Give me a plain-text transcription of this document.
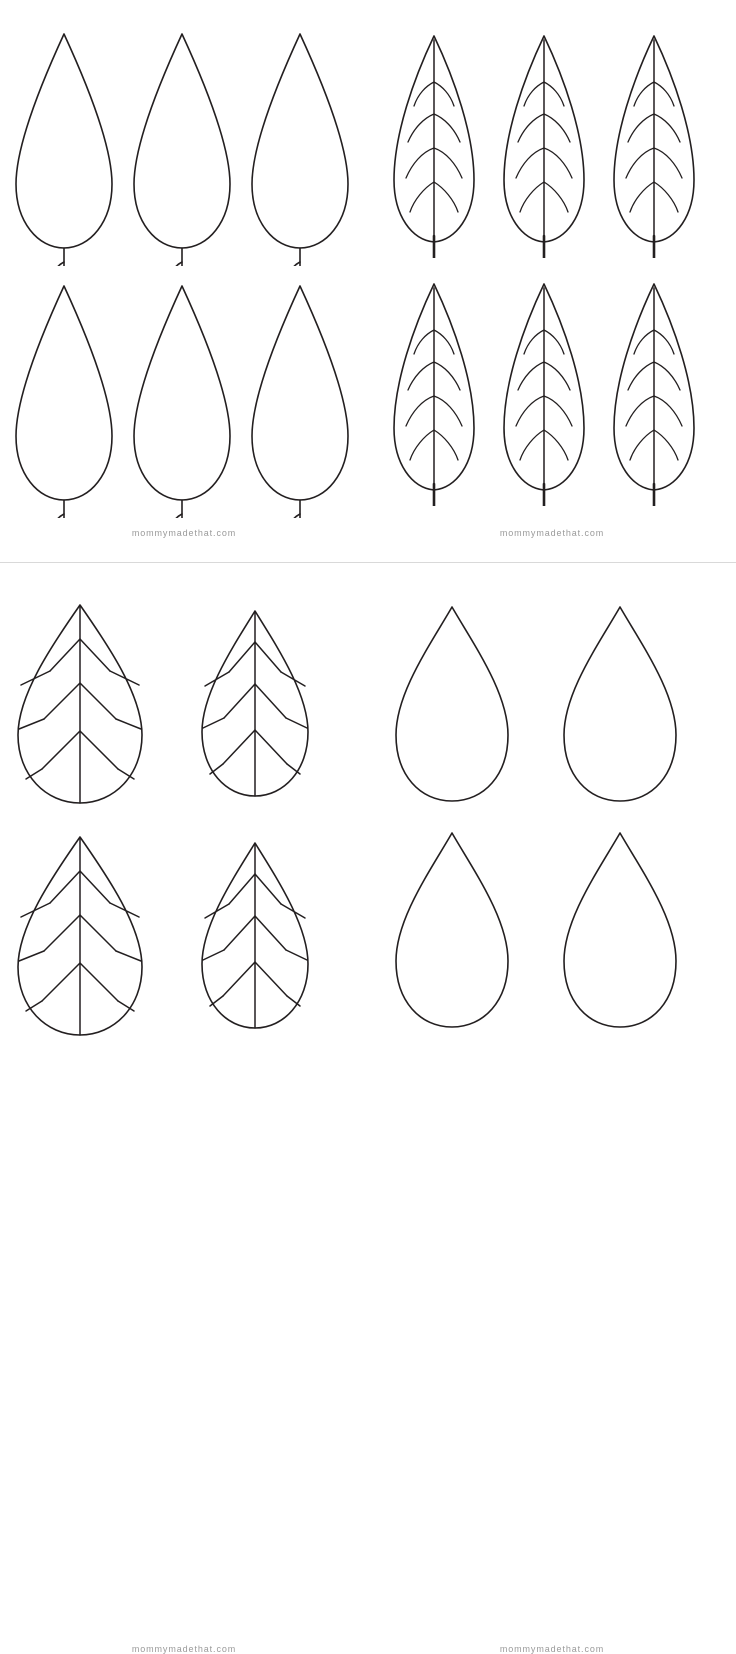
mommymadethat.com	mommymadethat.com
mommymadethat.com	mommymadethat.com
